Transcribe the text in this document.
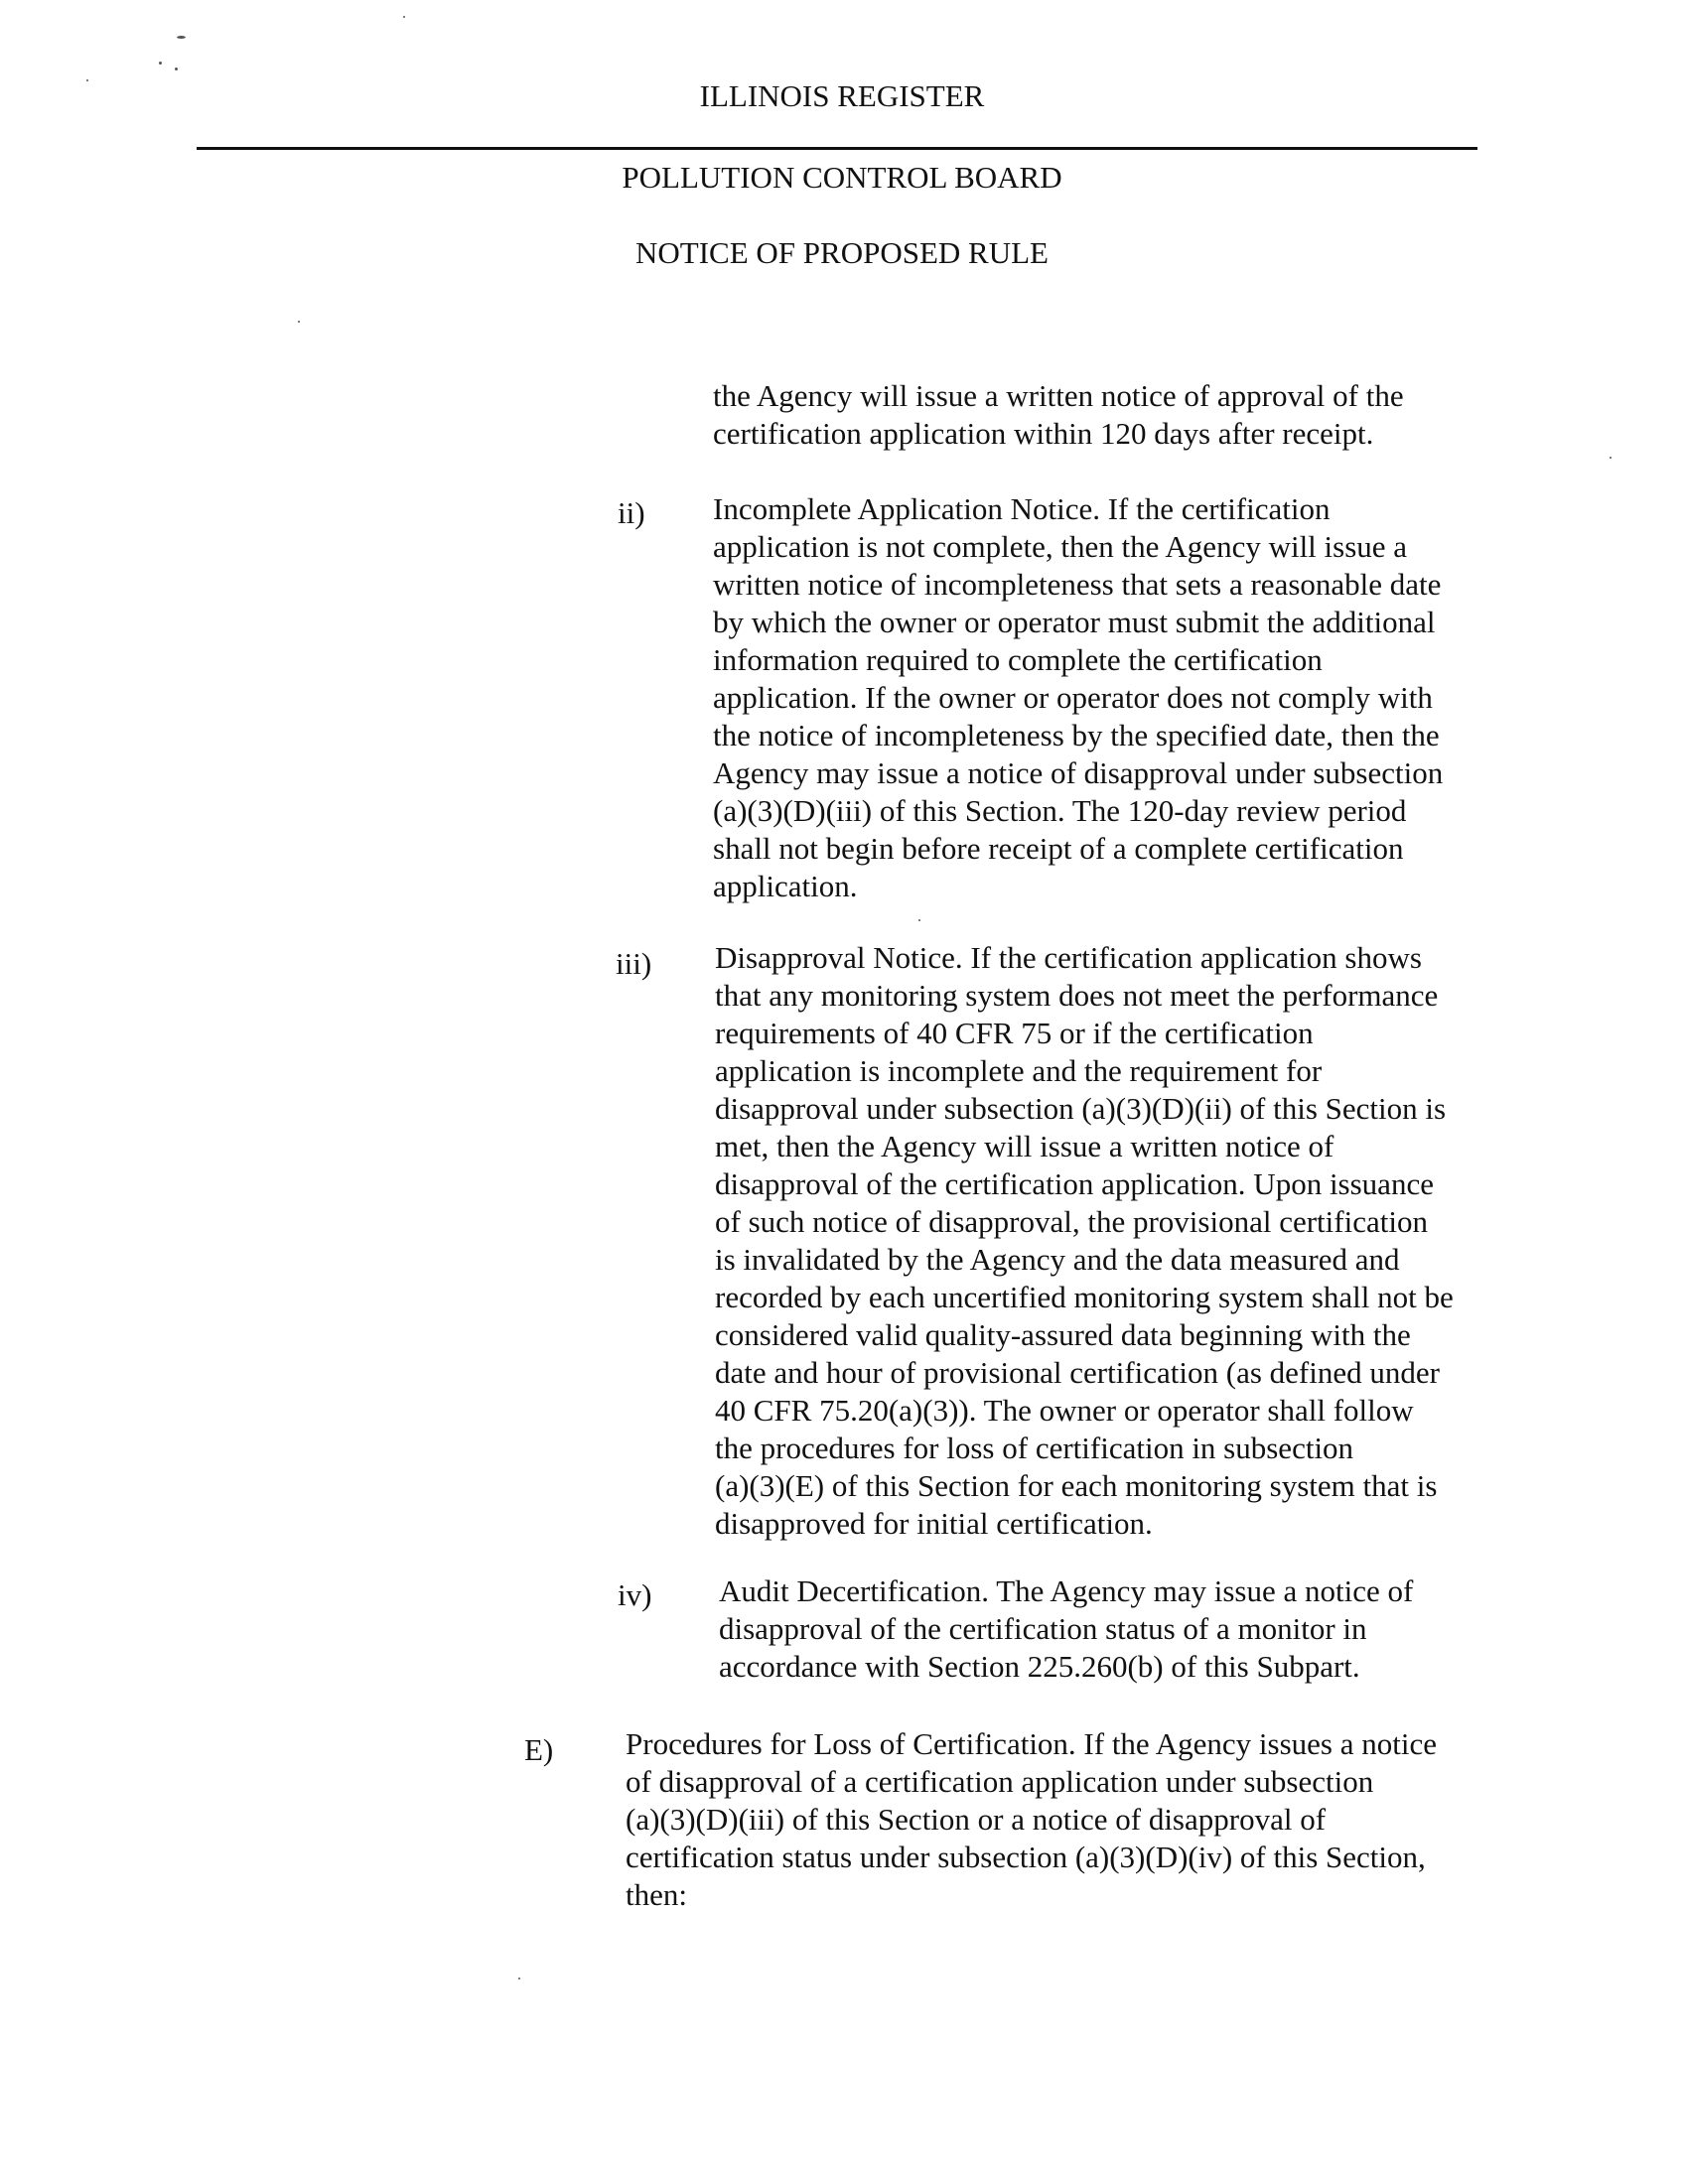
ILLINOIS REGISTER
POLLUTION CONTROL BOARD
NOTICE OF PROPOSED RULE
the Agency will issue a written notice of approval of the
certification application within 120 days after receipt.
ii) Incomplete Application Notice. If the certification
application is not complete, then the Agency will issue a
written notice of incompleteness that sets a reasonable date
by which the owner or operator must submit the additional
information required to complete the certification
application. If the owner or operator does not comply with
the notice of incompleteness by the specified date, then the
Agency may issue a notice of disapproval under subsection
(a)(3)(D)(iii) of this Section. The 120-day review period
shall not begin before receipt of a complete certification
application.
iii) Disapproval Notice. If the certification application shows
that any monitoring system does not meet the performance
requirements of 40 CFR 75 or if the certification
application is incomplete and the requirement for
disapproval under subsection (a)(3)(D)(ii) of this Section is
met, then the Agency will issue a written notice of
disapproval of the certification application. Upon issuance
of such notice of disapproval, the provisional certification
is invalidated by the Agency and the data measured and
recorded by each uncertified monitoring system shall not be
considered valid quality-assured data beginning with the
date and hour of provisional certification (as defined under
40 CFR 75.20(a)(3)). The owner or operator shall follow
the procedures for loss of certification in subsection
(a)(3)(E) of this Section for each monitoring system that is
disapproved for initial certification.
iv) Audit Decertification. The Agency may issue a notice of
disapproval of the certification status of a monitor in
accordance with Section 225.260(b) of this Subpart.
E) Procedures for Loss of Certification. If the Agency issues a notice
of disapproval of a certification application under subsection
(a)(3)(D)(iii) of this Section or a notice of disapproval of
certification status under subsection (a)(3)(D)(iv) of this Section,
then:
